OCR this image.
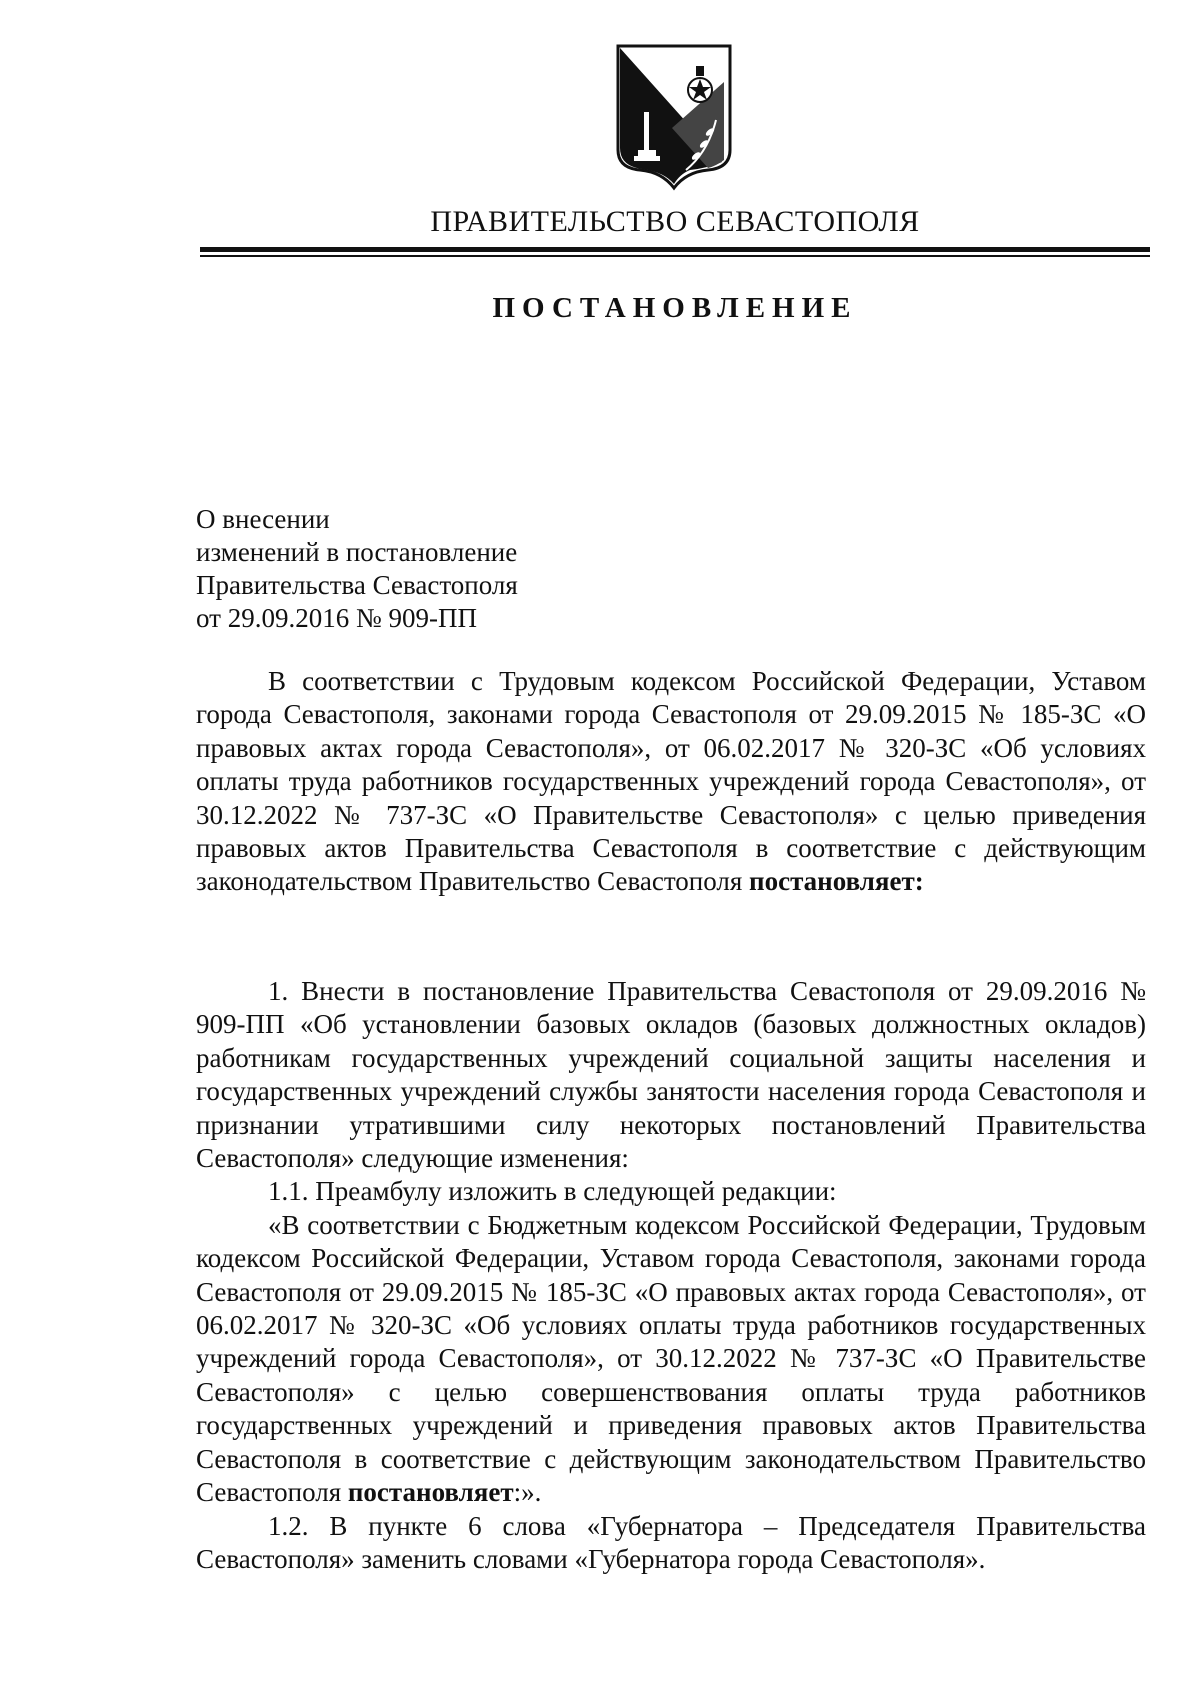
ПРАВИТЕЛЬСТВО СЕВАСТОПОЛЯ
ПОСТАНОВЛЕНИЕ
О внесении
изменений в постановление
Правительства Севастополя
от 29.09.2016 № 909-ПП

В соответствии с Трудовым кодексом Российской Федерации, Уставом города Севастополя, законами города Севастополя от 29.09.2015 № 185-ЗС «О правовых актах города Севастополя», от 06.02.2017 № 320-ЗС «Об условиях оплаты труда работников государственных учреждений города Севастополя», от 30.12.2022 № 737-ЗС «О Правительстве Севастополя» с целью приведения правовых актов Правительства Севастополя в соответствие с действующим законодательством Правительство Севастополя постановляет:

1. Внести в постановление Правительства Севастополя от 29.09.2016 № 909-ПП «Об установлении базовых окладов (базовых должностных окладов) работникам государственных учреждений социальной защиты населения и государственных учреждений службы занятости населения города Севастополя и признании утратившими силу некоторых постановлений Правительства Севастополя» следующие изменения:

1.1. Преамбулу изложить в следующей редакции:

«В соответствии с Бюджетным кодексом Российской Федерации, Трудовым кодексом Российской Федерации, Уставом города Севастополя, законами города Севастополя от 29.09.2015 № 185-ЗС «О правовых актах города Севастополя», от 06.02.2017 № 320-ЗС «Об условиях оплаты труда работников государственных учреждений города Севастополя», от 30.12.2022 № 737-ЗС «О Правительстве Севастополя» с целью совершенствования оплаты труда работников государственных учреждений и приведения правовых актов Правительства Севастополя в соответствие с действующим законодательством Правительство Севастополя постановляет:».

1.2. В пункте 6 слова «Губернатора – Председателя Правительства Севастополя» заменить словами «Губернатора города Севастополя».
